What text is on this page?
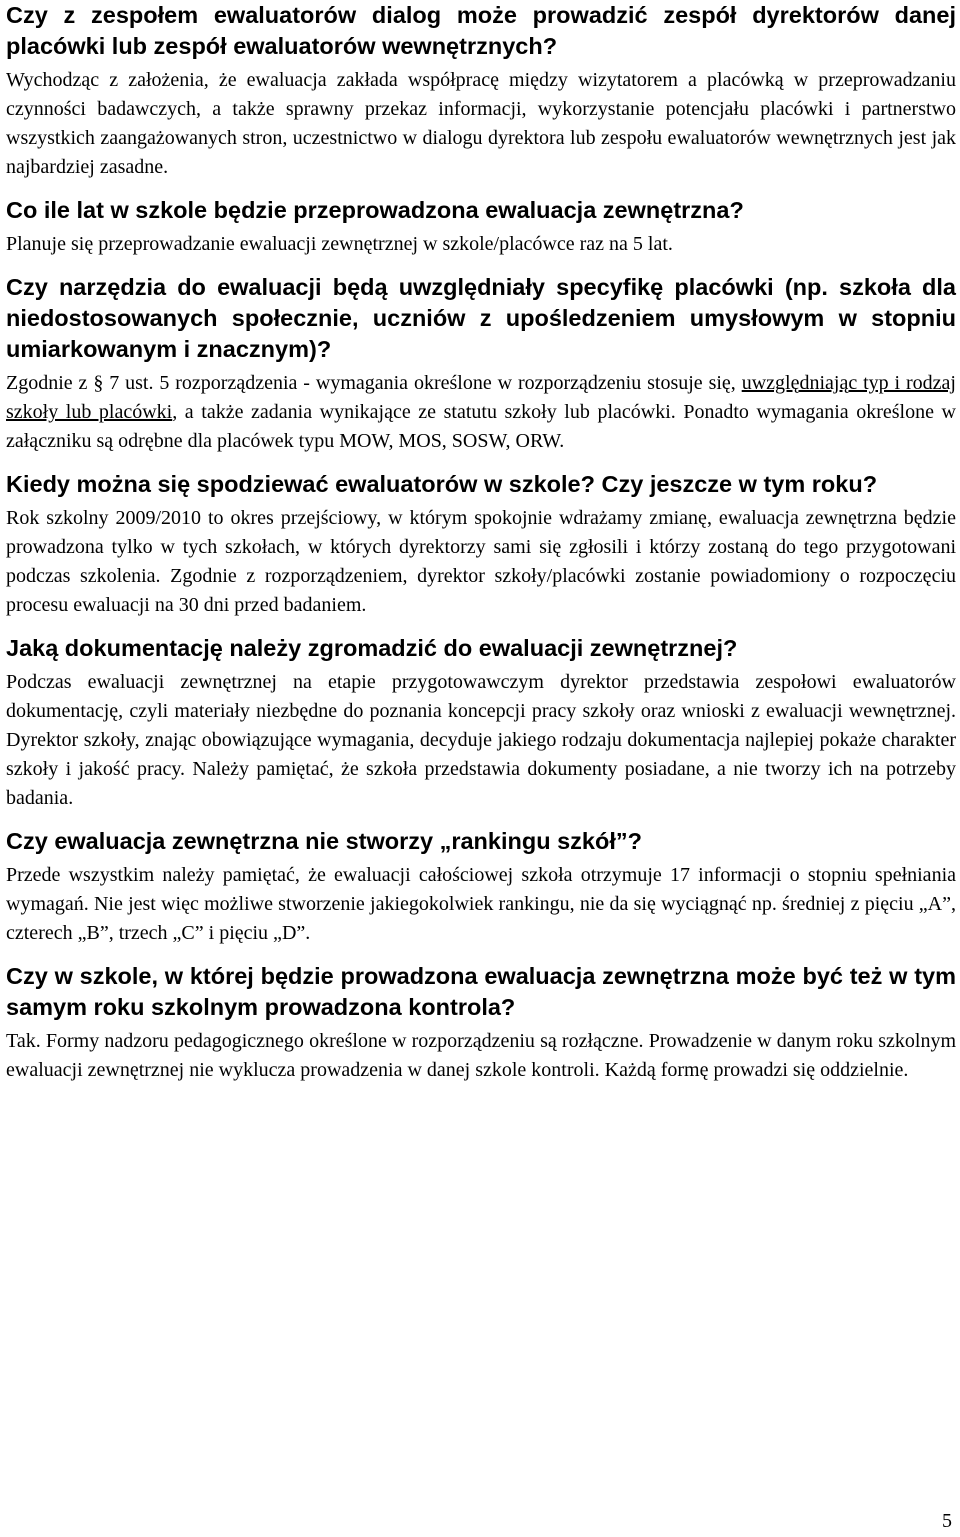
Czy z zespołem ewaluatorów dialog może prowadzić zespół dyrektorów danej placówki lub zespół ewaluatorów wewnętrznych?

Wychodząc z założenia, że ewaluacja zakłada współpracę między wizytatorem a placówką w przeprowadzaniu czynności badawczych, a także sprawny przekaz informacji, wykorzystanie potencjału placówki i partnerstwo wszystkich zaangażowanych stron, uczestnictwo w dialogu dyrektora lub zespołu ewaluatorów wewnętrznych jest jak najbardziej zasadne.

Co ile lat w szkole będzie przeprowadzona ewaluacja zewnętrzna?

Planuje się przeprowadzanie ewaluacji zewnętrznej w szkole/placówce raz na 5 lat.

Czy narzędzia do ewaluacji będą uwzględniały specyfikę placówki (np. szkoła dla niedostosowanych społecznie, uczniów z upośledzeniem umysłowym w stopniu umiarkowanym i znacznym)?

Zgodnie z § 7 ust. 5 rozporządzenia - wymagania określone w rozporządzeniu stosuje się, uwzględniając typ i rodzaj szkoły lub placówki, a także zadania wynikające ze statutu szkoły lub placówki. Ponadto wymagania określone w załączniku są odrębne dla placówek typu MOW, MOS, SOSW, ORW.

Kiedy można się spodziewać ewaluatorów w szkole? Czy jeszcze w tym roku?

Rok szkolny 2009/2010 to okres przejściowy, w którym spokojnie wdrażamy zmianę, ewaluacja zewnętrzna będzie prowadzona tylko w tych szkołach, w których dyrektorzy sami się zgłosili i którzy zostaną do tego przygotowani podczas szkolenia. Zgodnie z rozporządzeniem, dyrektor szkoły/placówki zostanie powiadomiony o rozpoczęciu procesu ewaluacji na 30 dni przed badaniem.

Jaką dokumentację należy zgromadzić do ewaluacji zewnętrznej?

Podczas ewaluacji zewnętrznej na etapie przygotowawczym dyrektor przedstawia zespołowi ewaluatorów dokumentację, czyli materiały niezbędne do poznania koncepcji pracy szkoły oraz wnioski z ewaluacji wewnętrznej. Dyrektor szkoły, znając obowiązujące wymagania, decyduje jakiego rodzaju dokumentacja najlepiej pokaże charakter szkoły i jakość pracy. Należy pamiętać, że szkoła przedstawia dokumenty posiadane, a nie tworzy ich na potrzeby badania.

Czy ewaluacja zewnętrzna nie stworzy „rankingu szkół”?

Przede wszystkim należy pamiętać, że ewaluacji całościowej szkoła otrzymuje 17 informacji o stopniu spełniania wymagań. Nie jest więc możliwe stworzenie jakiegokolwiek rankingu, nie da się wyciągnąć np. średniej z pięciu „A”, czterech „B”, trzech „C” i pięciu „D”.

Czy w szkole, w której będzie prowadzona ewaluacja zewnętrzna może być też w tym samym roku szkolnym prowadzona kontrola?

Tak. Formy nadzoru pedagogicznego określone w rozporządzeniu są rozłączne. Prowadzenie w danym roku szkolnym ewaluacji zewnętrznej nie wyklucza prowadzenia w danej szkole kontroli. Każdą formę prowadzi się oddzielnie.

5
